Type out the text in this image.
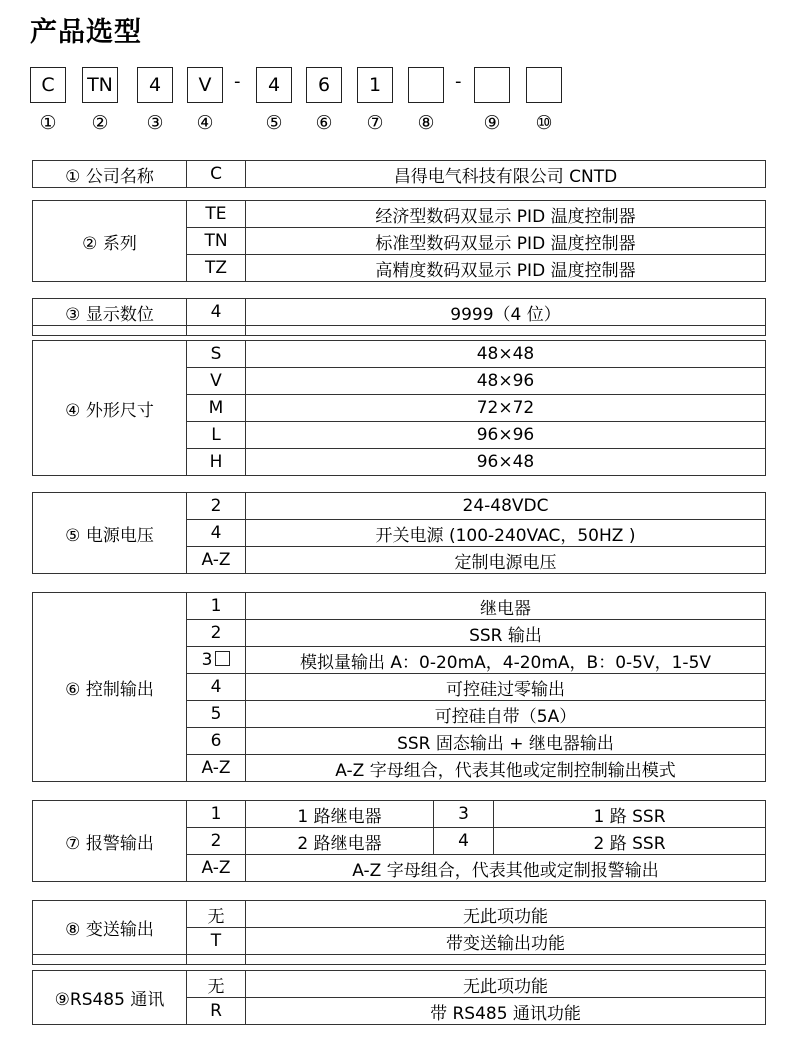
产品选型
C	TN	4	V	-	4	6	1	-
①	②	③	④	⑤	⑥	⑦	⑧	⑨	⑩
① 公司名称	C	昌得电气科技有限公司 CNTD
② 系列	TE	经济型数码双显示 PID 温度控制器
	TN	标准型数码双显示 PID 温度控制器
	TZ	高精度数码双显示 PID 温度控制器
③ 显示数位	4	9999（4 位）

④ 外形尺寸	S	48×48
	V	48×96
	M	72×72
	L	96×96
	H	96×48
⑤ 电源电压	2	24-48VDC
	4	开关电源 (100-240VAC，50HZ )
	A-Z	定制电源电压
⑥ 控制输出	1	继电器
	2	SSR 输出
	3	模拟量输出 A：0-20mA，4-20mA，B：0-5V，1-5V
	4	可控硅过零输出
	5	可控硅自带（5A）
	6	SSR 固态输出 + 继电器输出
	A-Z	A-Z 字母组合，代表其他或定制控制输出模式
⑦ 报警输出	1	1 路继电器	3	1 路 SSR
	2	2 路继电器	4	2 路 SSR
	A-Z	A-Z 字母组合，代表其他或定制报警输出		
⑧ 变送输出	无	无此项功能
	T	带变送输出功能

⑨RS485 通讯	无	无此项功能
	R	带 RS485 通讯功能
